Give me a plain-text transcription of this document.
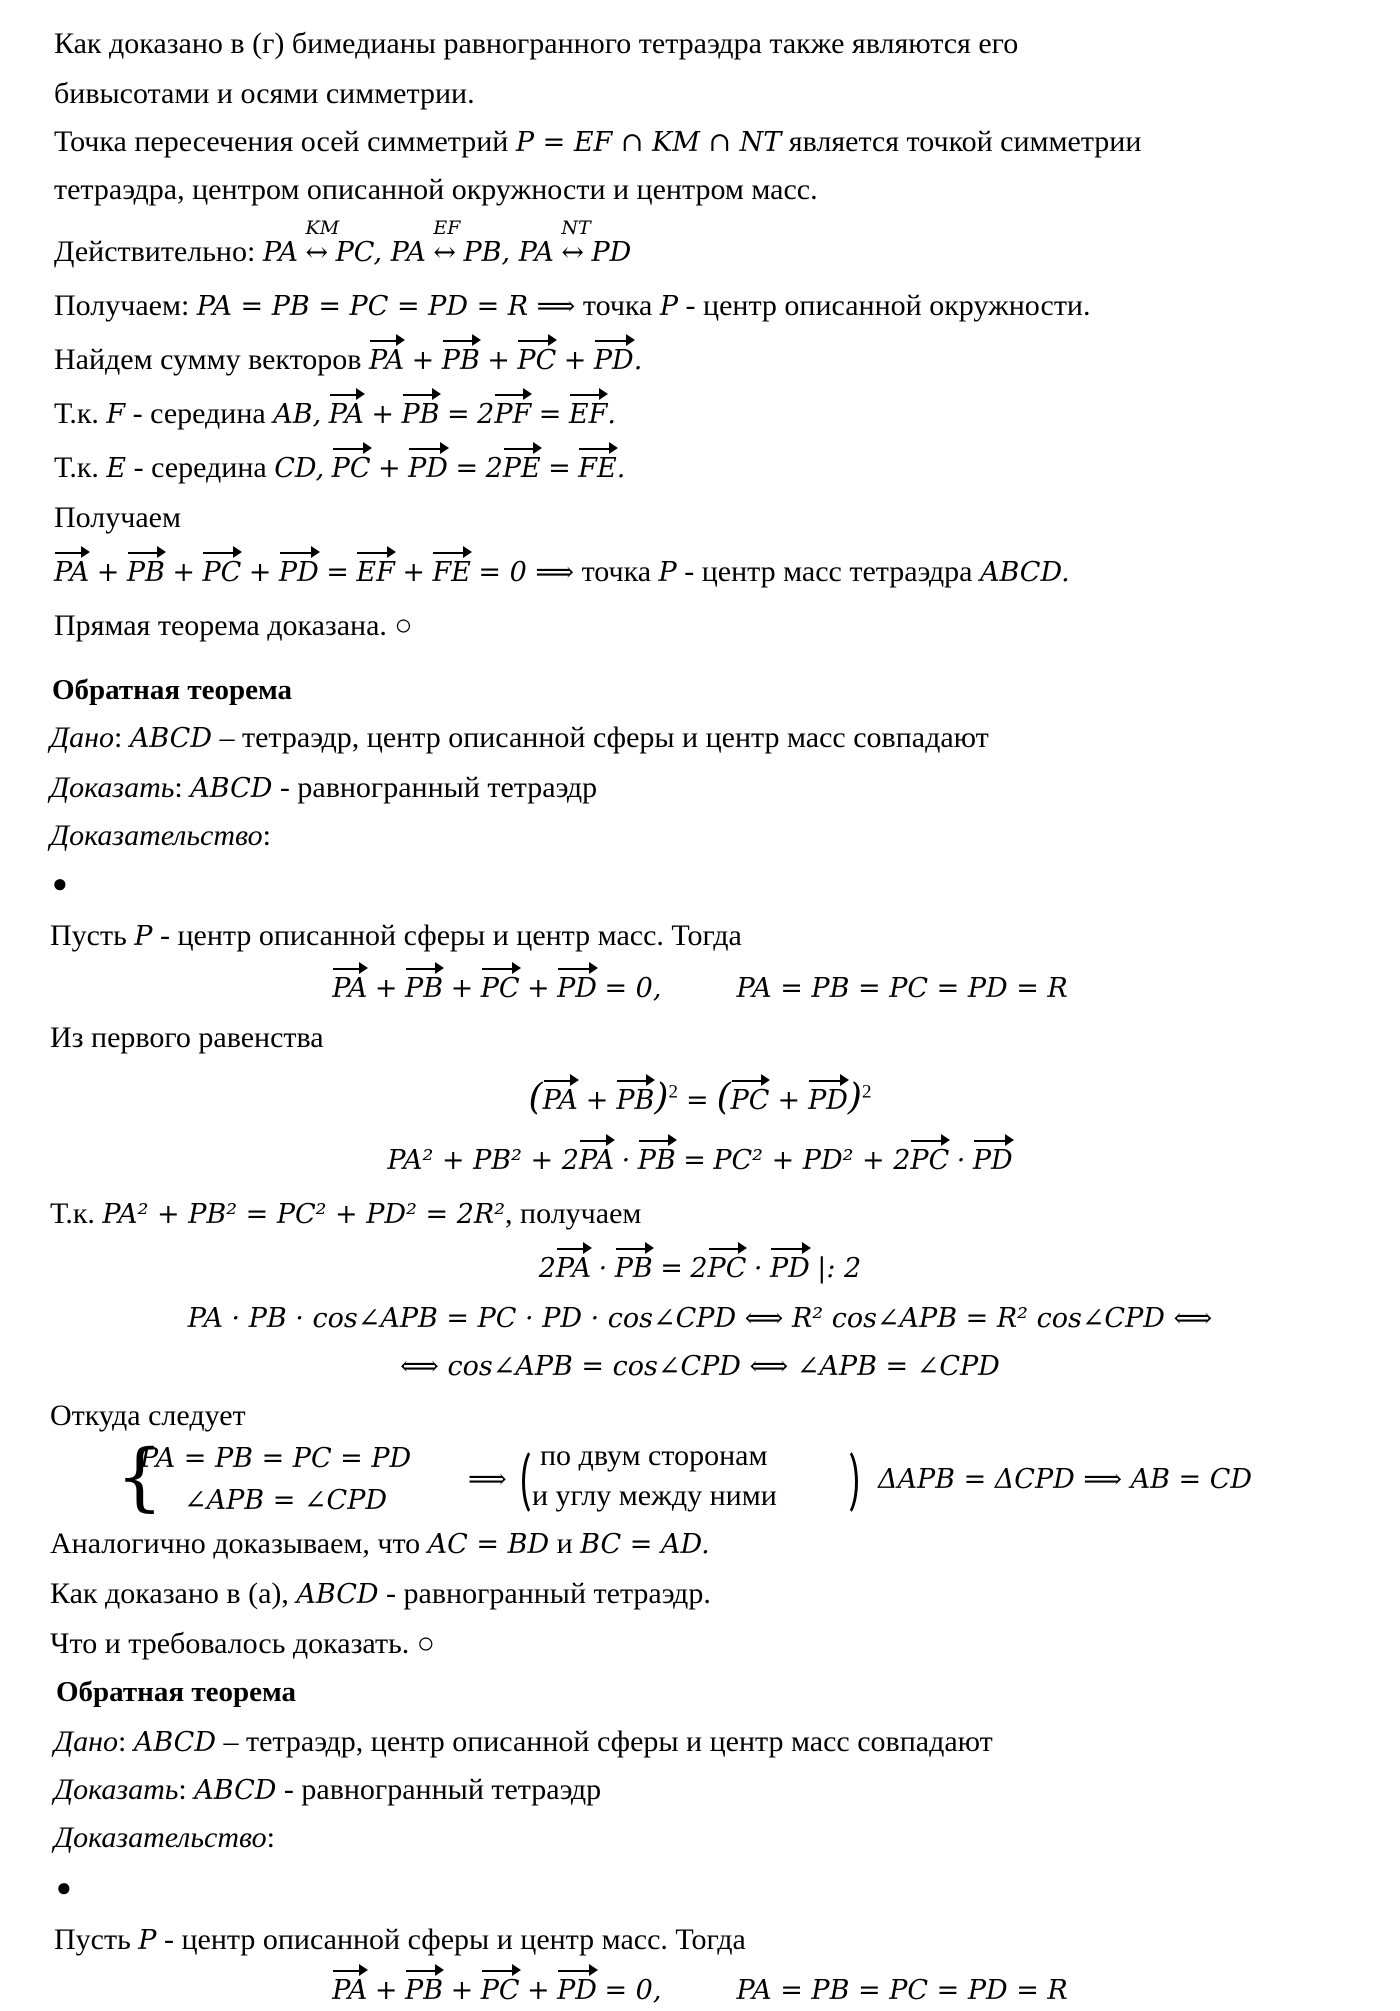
Как доказано в (г) бимедианы равногранного тетраэдра также являются его
бивысотами и осями симметрии.
Точка пересечения осей симметрий P = EF ∩ KM ∩ NT является точкой симметрии
тетраэдра, центром описанной окружности и центром масс.
Действительно: PA
KM
↔ PC, PA
EF
↔ PB, PA
NT
↔ PD
Получаем: PA = PB = PC = PD = R ⟹ точка P - центр описанной окружности.
Найдем сумму векторов PA + PB + PC + PD.
Т.к. F - середина AB, PA + PB = 2PF = EF.
Т.к. E - середина CD, PC + PD = 2PE = FE.
Получаем
PA + PB + PC + PD = EF + FE = 0 ⟹ точка P - центр масс тетраэдра ABCD.
Прямая теорема доказана. ○
Обратная теорема
Дано: ABCD – тетраэдр, центр описанной сферы и центр масс совпадают
Доказать: ABCD - равногранный тетраэдр
Доказательство:
●
Пусть P - центр описанной сферы и центр масс. Тогда
PA + PB + PC + PD = 0,	PA = PB = PC = PD = R
Из первого равенства
(PA + PB)$^2$ = (PC + PD)$^2$
PA² + PB² + 2PA · PB = PC² + PD² + 2PC · PD
Т.к. PA² + PB² = PC² + PD² = 2R², получаем
2PA · PB = 2PC · PD |: 2
PA · PB · cos∠APB = PC · PD · cos∠CPD ⟺ R² cos∠APB = R² cos∠CPD ⟺
⟺ cos∠APB = cos∠CPD ⟺ ∠APB = ∠CPD
Откуда следует
{
PA = PB = PC = PD
∠APB = ∠CPD
⟹
по двум сторонам
и углу между ними	ΔAPB = ΔCPD ⟹ AB = CD
Аналогично доказываем, что AC = BD и BC = AD.
Как доказано в (а), ABCD - равногранный тетраэдр.
Что и требовалось доказать. ○
Обратная теорема
Дано: ABCD – тетраэдр, центр описанной сферы и центр масс совпадают
Доказать: ABCD - равногранный тетраэдр
Доказательство:
●
Пусть P - центр описанной сферы и центр масс. Тогда
PA + PB + PC + PD = 0,	PA = PB = PC = PD = R
